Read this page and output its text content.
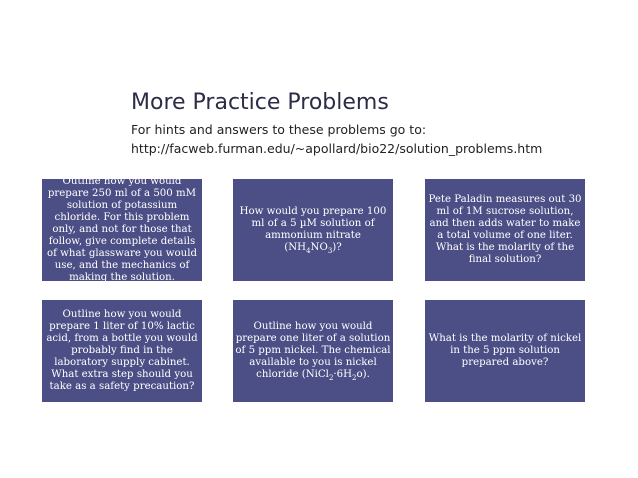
More Practice Problems
For hints and answers to these problems go to:
http://facweb.furman.edu/~apollard/bio22/solution_problems.htm
Outline how you would prepare 250 ml of a 500 mM solution of potassium chloride. For this problem only, and not for those that follow, give complete details of what glassware you would use, and the mechanics of making the solution.
How would you prepare 100 ml of a 5 µM solution of ammonium nitrate $(NH_4NO_3)$?
Pete Paladin measures out 30 ml of 1M sucrose solution, and then adds water to make a total volume of one liter. What is the molarity of the final solution?
Outline how you would prepare 1 liter of 10% lactic acid, from a bottle you would probably find in the laboratory supply cabinet. What extra step should you take as a safety precaution?
Outline how you would prepare one liter of a solution of 5 ppm nickel. The chemical available to you is nickel chloride $(NiCl_2\cdot 6H_2o)$.
What is the molarity of nickel in the 5 ppm solution prepared above?
